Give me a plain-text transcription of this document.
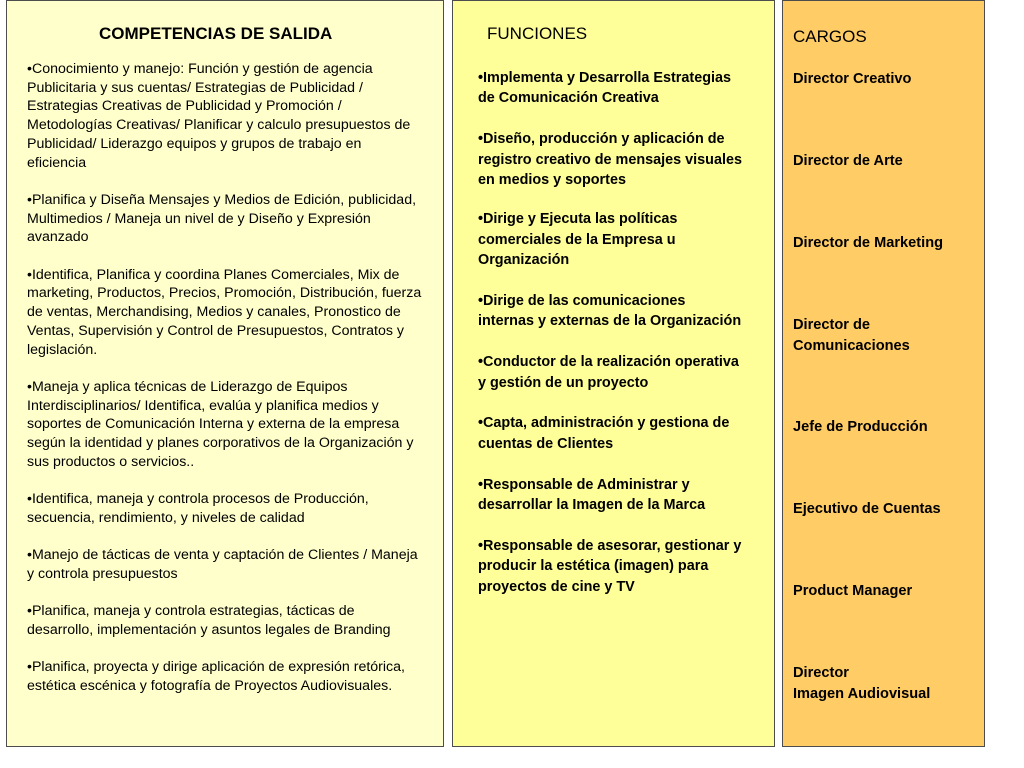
COMPETENCIAS DE SALIDA
•Conocimiento y manejo: Función y gestión de agencia Publicitaria y sus cuentas/ Estrategias de Publicidad / Estrategias Creativas de Publicidad y Promoción / Metodologías Creativas/ Planificar y calculo presupuestos de Publicidad/ Liderazgo equipos y grupos de trabajo en eficiencia
•Planifica y Diseña Mensajes y Medios de Edición, publicidad, Multimedios / Maneja un nivel de y Diseño y Expresión avanzado
•Identifica, Planifica y coordina Planes Comerciales, Mix de marketing, Productos, Precios, Promoción, Distribución, fuerza de ventas, Merchandising, Medios y canales, Pronostico de Ventas, Supervisión y Control de Presupuestos, Contratos y legislación.
•Maneja y aplica técnicas de Liderazgo de Equipos Interdisciplinarios/ Identifica, evalúa y planifica medios y soportes de Comunicación Interna y externa de la empresa según la identidad y planes corporativos de la Organización y sus productos o servicios..
•Identifica, maneja y controla procesos de Producción, secuencia, rendimiento, y niveles de calidad
•Manejo de tácticas de venta y captación de Clientes / Maneja y controla presupuestos
•Planifica, maneja y controla estrategias, tácticas de desarrollo, implementación y asuntos legales de Branding
•Planifica, proyecta y dirige aplicación de expresión retórica, estética escénica y fotografía de Proyectos Audiovisuales.
FUNCIONES
•Implementa y Desarrolla Estrategias de Comunicación Creativa
•Diseño, producción y aplicación de registro creativo de mensajes visuales en medios y soportes
•Dirige y Ejecuta las políticas comerciales de la Empresa u Organización
•Dirige de las comunicaciones internas y externas de la Organización
•Conductor de la realización operativa y gestión de un proyecto
•Capta, administración y gestiona de cuentas de Clientes
•Responsable de Administrar y desarrollar la Imagen de la Marca
•Responsable de asesorar, gestionar y producir la estética (imagen) para proyectos de cine y TV
CARGOS
Director Creativo
Director de Arte
Director de Marketing
Director de Comunicaciones
Jefe de Producción
Ejecutivo de Cuentas
Product Manager
Director
Imagen Audiovisual
